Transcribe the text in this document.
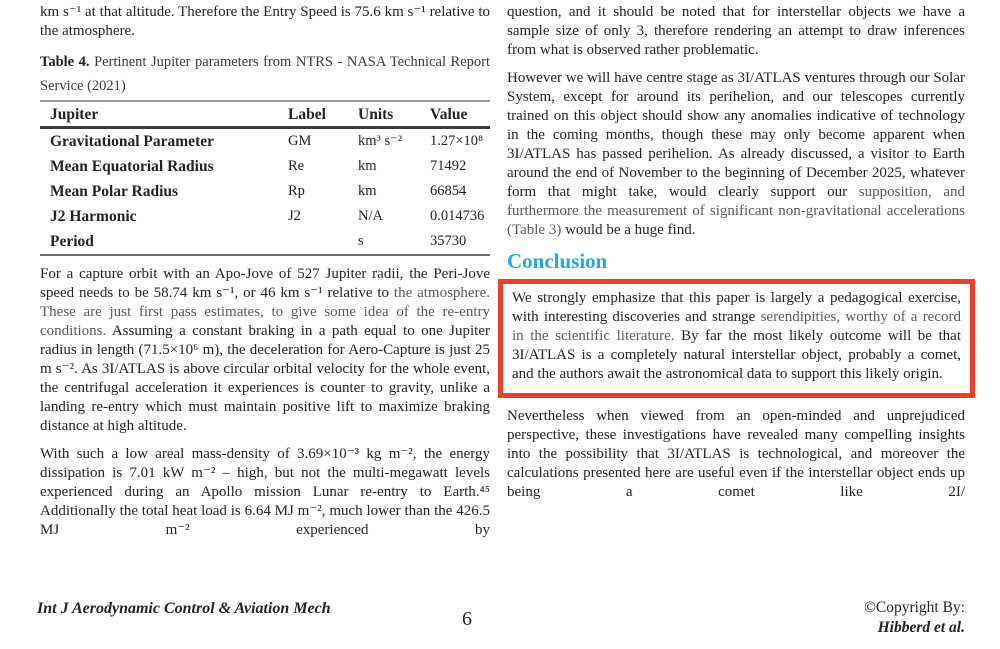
km s⁻¹ at that altitude. Therefore the Entry Speed is 75.6 km s⁻¹ relative to the atmosphere.

Table 4. Pertinent Jupiter parameters from NTRS - NASA Technical Report Service (2021)

Jupiter	Label	Units	Value
Gravitational Parameter	GM	km³ s⁻²	1.27×10⁸
Mean Equatorial Radius	Re	km	71492
Mean Polar Radius	Rp	km	66854
J2 Harmonic	J2	N/A	0.014736
Period		s	35730

For a capture orbit with an Apo-Jove of 527 Jupiter radii, the Peri-Jove speed needs to be 58.74 km s⁻¹, or 46 km s⁻¹ relative to the atmosphere. These are just first pass estimates, to give some idea of the re-entry conditions. Assuming a constant braking in a path equal to one Jupiter radius in length (71.5×10⁶ m), the deceleration for Aero-Capture is just 25 m s⁻². As 3I/ATLAS is above circular orbital velocity for the whole event, the centrifugal acceleration it experiences is counter to gravity, unlike a landing re-entry which must maintain positive lift to maximize braking distance at high altitude.

With such a low areal mass-density of 3.69×10⁻³ kg m⁻², the energy dissipation is 7.01 kW m⁻² – high, but not the multi-megawatt levels experienced during an Apollo mission Lunar re-entry to Earth.⁴⁵ Additionally the total heat load is 6.64 MJ m⁻², much lower than the 426.5 MJ m⁻² experienced by

question, and it should be noted that for interstellar objects we have a sample size of only 3, therefore rendering an attempt to draw inferences from what is observed rather problematic.

However we will have centre stage as 3I/ATLAS ventures through our Solar System, except for around its perihelion, and our telescopes currently trained on this object should show any anomalies indicative of technology in the coming months, though these may only become apparent when 3I/ATLAS has passed perihelion. As already discussed, a visitor to Earth around the end of November to the beginning of December 2025, whatever form that might take, would clearly support our supposition, and furthermore the measurement of significant non-gravitational accelerations (Table 3) would be a huge find.

Conclusion

We strongly emphasize that this paper is largely a pedagogical exercise, with interesting discoveries and strange serendipities, worthy of a record in the scientific literature. By far the most likely outcome will be that 3I/ATLAS is a completely natural interstellar object, probably a comet, and the authors await the astronomical data to support this likely origin.

Nevertheless when viewed from an open-minded and unprejudiced perspective, these investigations have revealed many compelling insights into the possibility that 3I/ATLAS is technological, and moreover the calculations presented here are useful even if the interstellar object ends up being a comet like 2I/

Int J Aerodynamic Control & Aviation Mech	6
©Copyright By:
Hibberd et al.
